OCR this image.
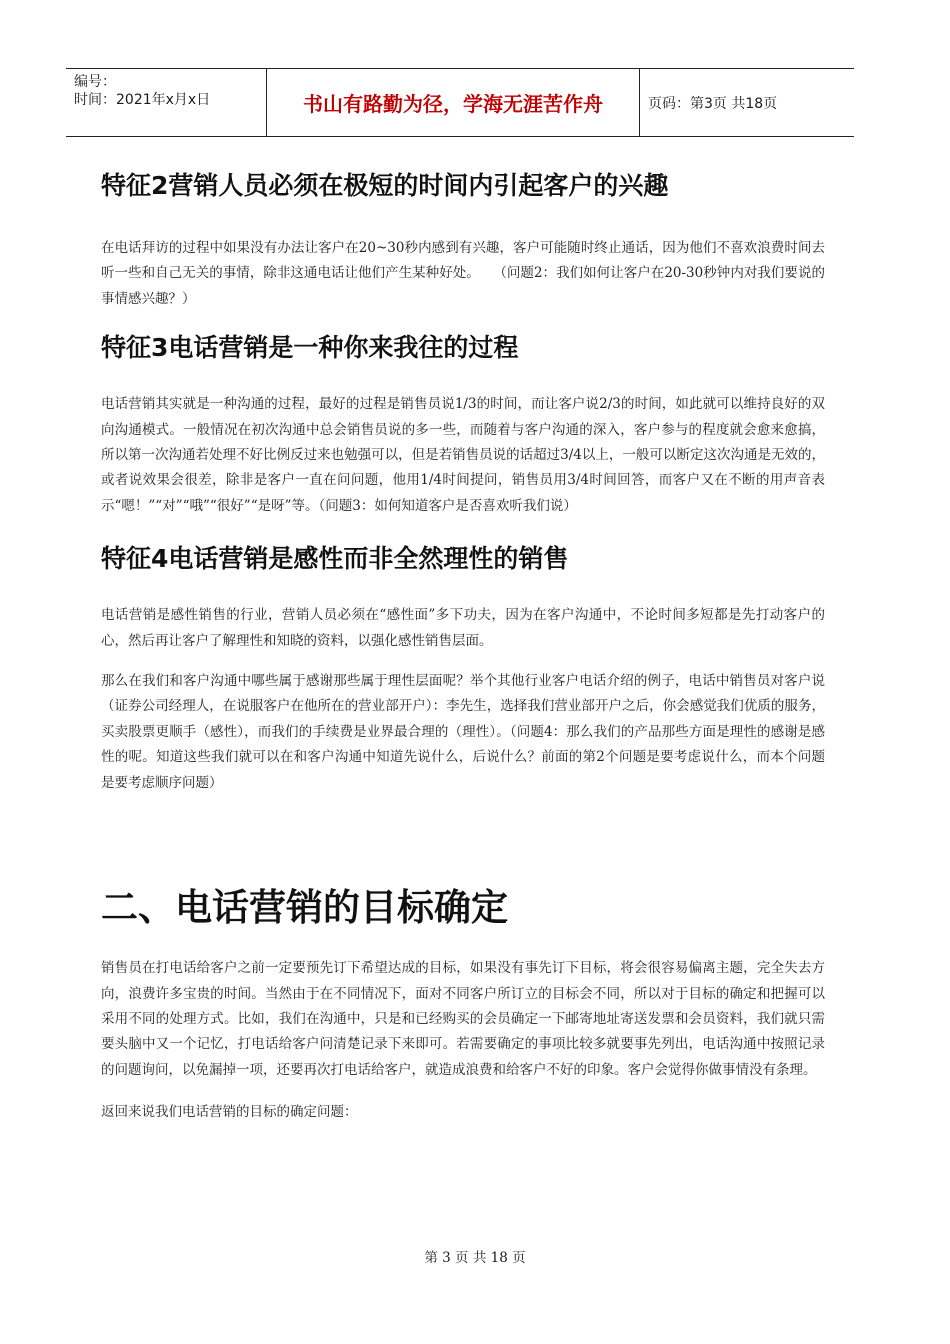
编号：
时间：2021年x月x日	书山有路勤为径，学海无涯苦作舟	页码：第3页 共18页
特征2营销人员必须在极短的时间内引起客户的兴趣

在电话拜访的过程中如果没有办法让客户在20~30秒内感到有兴趣，客户可能随时终止通话，因为他们不喜欢浪费时间去听一些和自己无关的事情，除非这通电话让他们产生某种好处。　　（问题2：我们如何让客户在20-30秒钟内对我们要说的事情感兴趣？）

特征3电话营销是一种你来我往的过程

电话营销其实就是一种沟通的过程，最好的过程是销售员说1/3的时间，而让客户说2/3的时间，如此就可以维持良好的双向沟通模式。一般情况在初次沟通中总会销售员说的多一些，而随着与客户沟通的深入，客户参与的程度就会愈来愈搞，所以第一次沟通若处理不好比例反过来也勉强可以，但是若销售员说的话超过3/4以上，一般可以断定这次沟通是无效的，或者说效果会很差，除非是客户一直在问问题，他用1/4时间提问，销售员用3/4时间回答，而客户又在不断的用声音表示“嗯！”“对”“哦”“很好”“是呀”等。（问题3：如何知道客户是否喜欢听我们说）

特征4电话营销是感性而非全然理性的销售

电话营销是感性销售的行业，营销人员必须在“感性面”多下功夫，因为在客户沟通中，不论时间多短都是先打动客户的心，然后再让客户了解理性和知晓的资料，以强化感性销售层面。

那么在我们和客户沟通中哪些属于感谢那些属于理性层面呢？举个其他行业客户电话介绍的例子，电话中销售员对客户说（证券公司经理人，在说服客户在他所在的营业部开户）：李先生，选择我们营业部开户之后，你会感觉我们优质的服务，买卖股票更顺手（感性），而我们的手续费是业界最合理的（理性）。（问题4：那么我们的产品那些方面是理性的感谢是感性的呢。知道这些我们就可以在和客户沟通中知道先说什么，后说什么？前面的第2个问题是要考虑说什么，而本个问题是要考虑顺序问题）

二、电话营销的目标确定

销售员在打电话给客户之前一定要预先订下希望达成的目标，如果没有事先订下目标，将会很容易偏离主题，完全失去方向，浪费许多宝贵的时间。当然由于在不同情况下，面对不同客户所订立的目标会不同，所以对于目标的确定和把握可以采用不同的处理方式。比如，我们在沟通中，只是和已经购买的会员确定一下邮寄地址寄送发票和会员资料，我们就只需要头脑中又一个记忆，打电话给客户问清楚记录下来即可。若需要确定的事项比较多就要事先列出，电话沟通中按照记录的问题询问，以免漏掉一项，还要再次打电话给客户，就造成浪费和给客户不好的印象。客户会觉得你做事情没有条理。

返回来说我们电话营销的目标的确定问题：

第 3 页 共 18 页
